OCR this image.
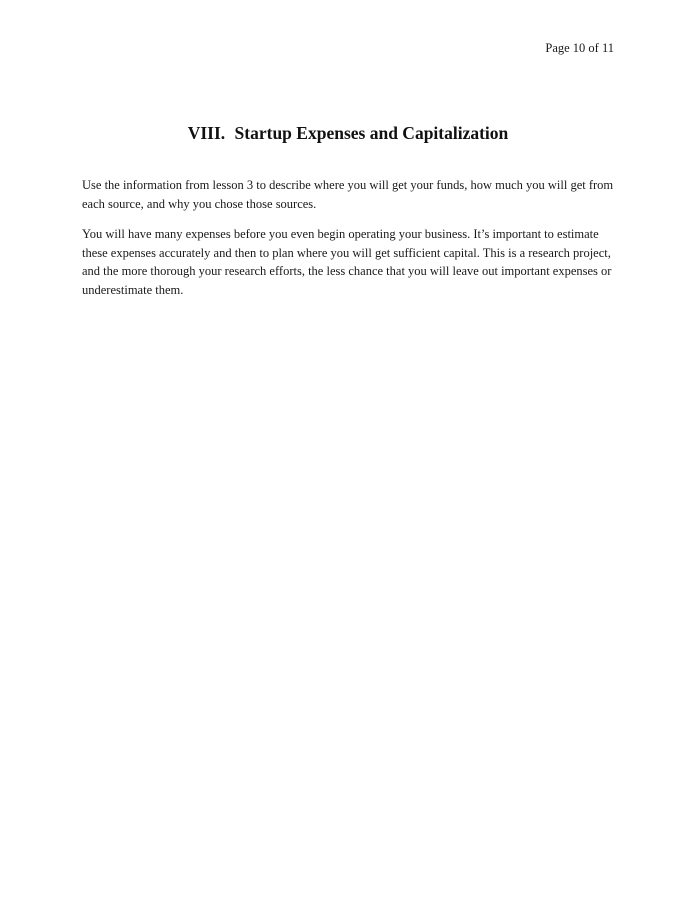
Page 10 of 11
VIII. Startup Expenses and Capitalization

Use the information from lesson 3 to describe where you will get your funds, how much you will get from each source, and why you chose those sources.

You will have many expenses before you even begin operating your business. It’s important to estimate these expenses accurately and then to plan where you will get sufficient capital. This is a research project, and the more thorough your research efforts, the less chance that you will leave out important expenses or underestimate them.
